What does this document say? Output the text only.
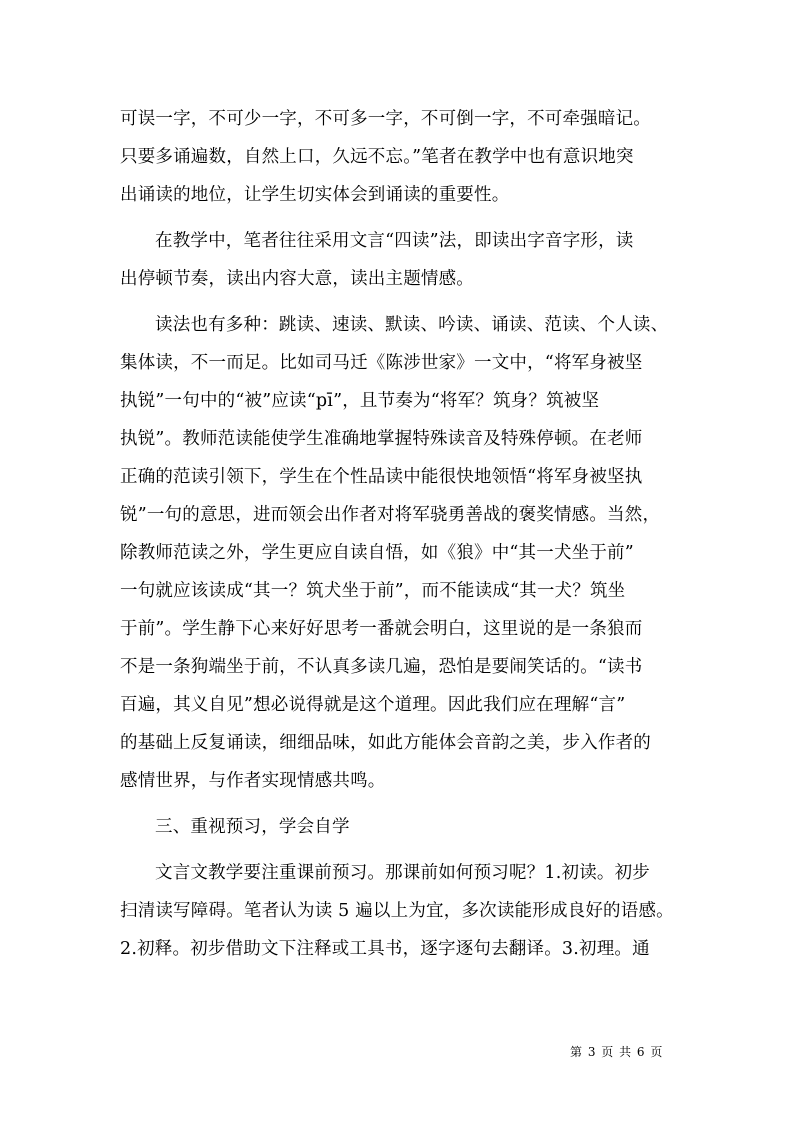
可误一字，不可少一字，不可多一字，不可倒一字，不可牵强暗记。
只要多诵遍数，自然上口，久远不忘。”笔者在教学中也有意识地突
出诵读的地位，让学生切实体会到诵读的重要性。
在教学中，笔者往往采用文言“四读”法，即读出字音字形，读
出停顿节奏，读出内容大意，读出主题情感。
读法也有多种：跳读、速读、默读、吟读、诵读、范读、个人读、
集体读，不一而足。比如司马迁《陈涉世家》一文中，“将军身被坚
执锐”一句中的“被”应读“pī”，且节奏为“将军？筑身？筑被坚
执锐”。教师范读能使学生准确地掌握特殊读音及特殊停顿。在老师
正确的范读引领下，学生在个性品读中能很快地领悟“将军身被坚执
锐”一句的意思，进而领会出作者对将军骁勇善战的褒奖情感。当然，
除教师范读之外，学生更应自读自悟，如《狼》中“其一犬坐于前”
一句就应该读成“其一？筑犬坐于前”，而不能读成“其一犬？筑坐
于前”。学生静下心来好好思考一番就会明白，这里说的是一条狼而
不是一条狗端坐于前，不认真多读几遍，恐怕是要闹笑话的。“读书
百遍，其义自见”想必说得就是这个道理。因此我们应在理解“言”
的基础上反复诵读，细细品味，如此方能体会音韵之美，步入作者的
感情世界，与作者实现情感共鸣。
三、重视预习，学会自学
文言文教学要注重课前预习。那课前如何预习呢？1.初读。初步
扫清读写障碍。笔者认为读 5 遍以上为宜，多次读能形成良好的语感。
2.初释。初步借助文下注释或工具书，逐字逐句去翻译。3.初理。通
第 3 页 共 6 页
